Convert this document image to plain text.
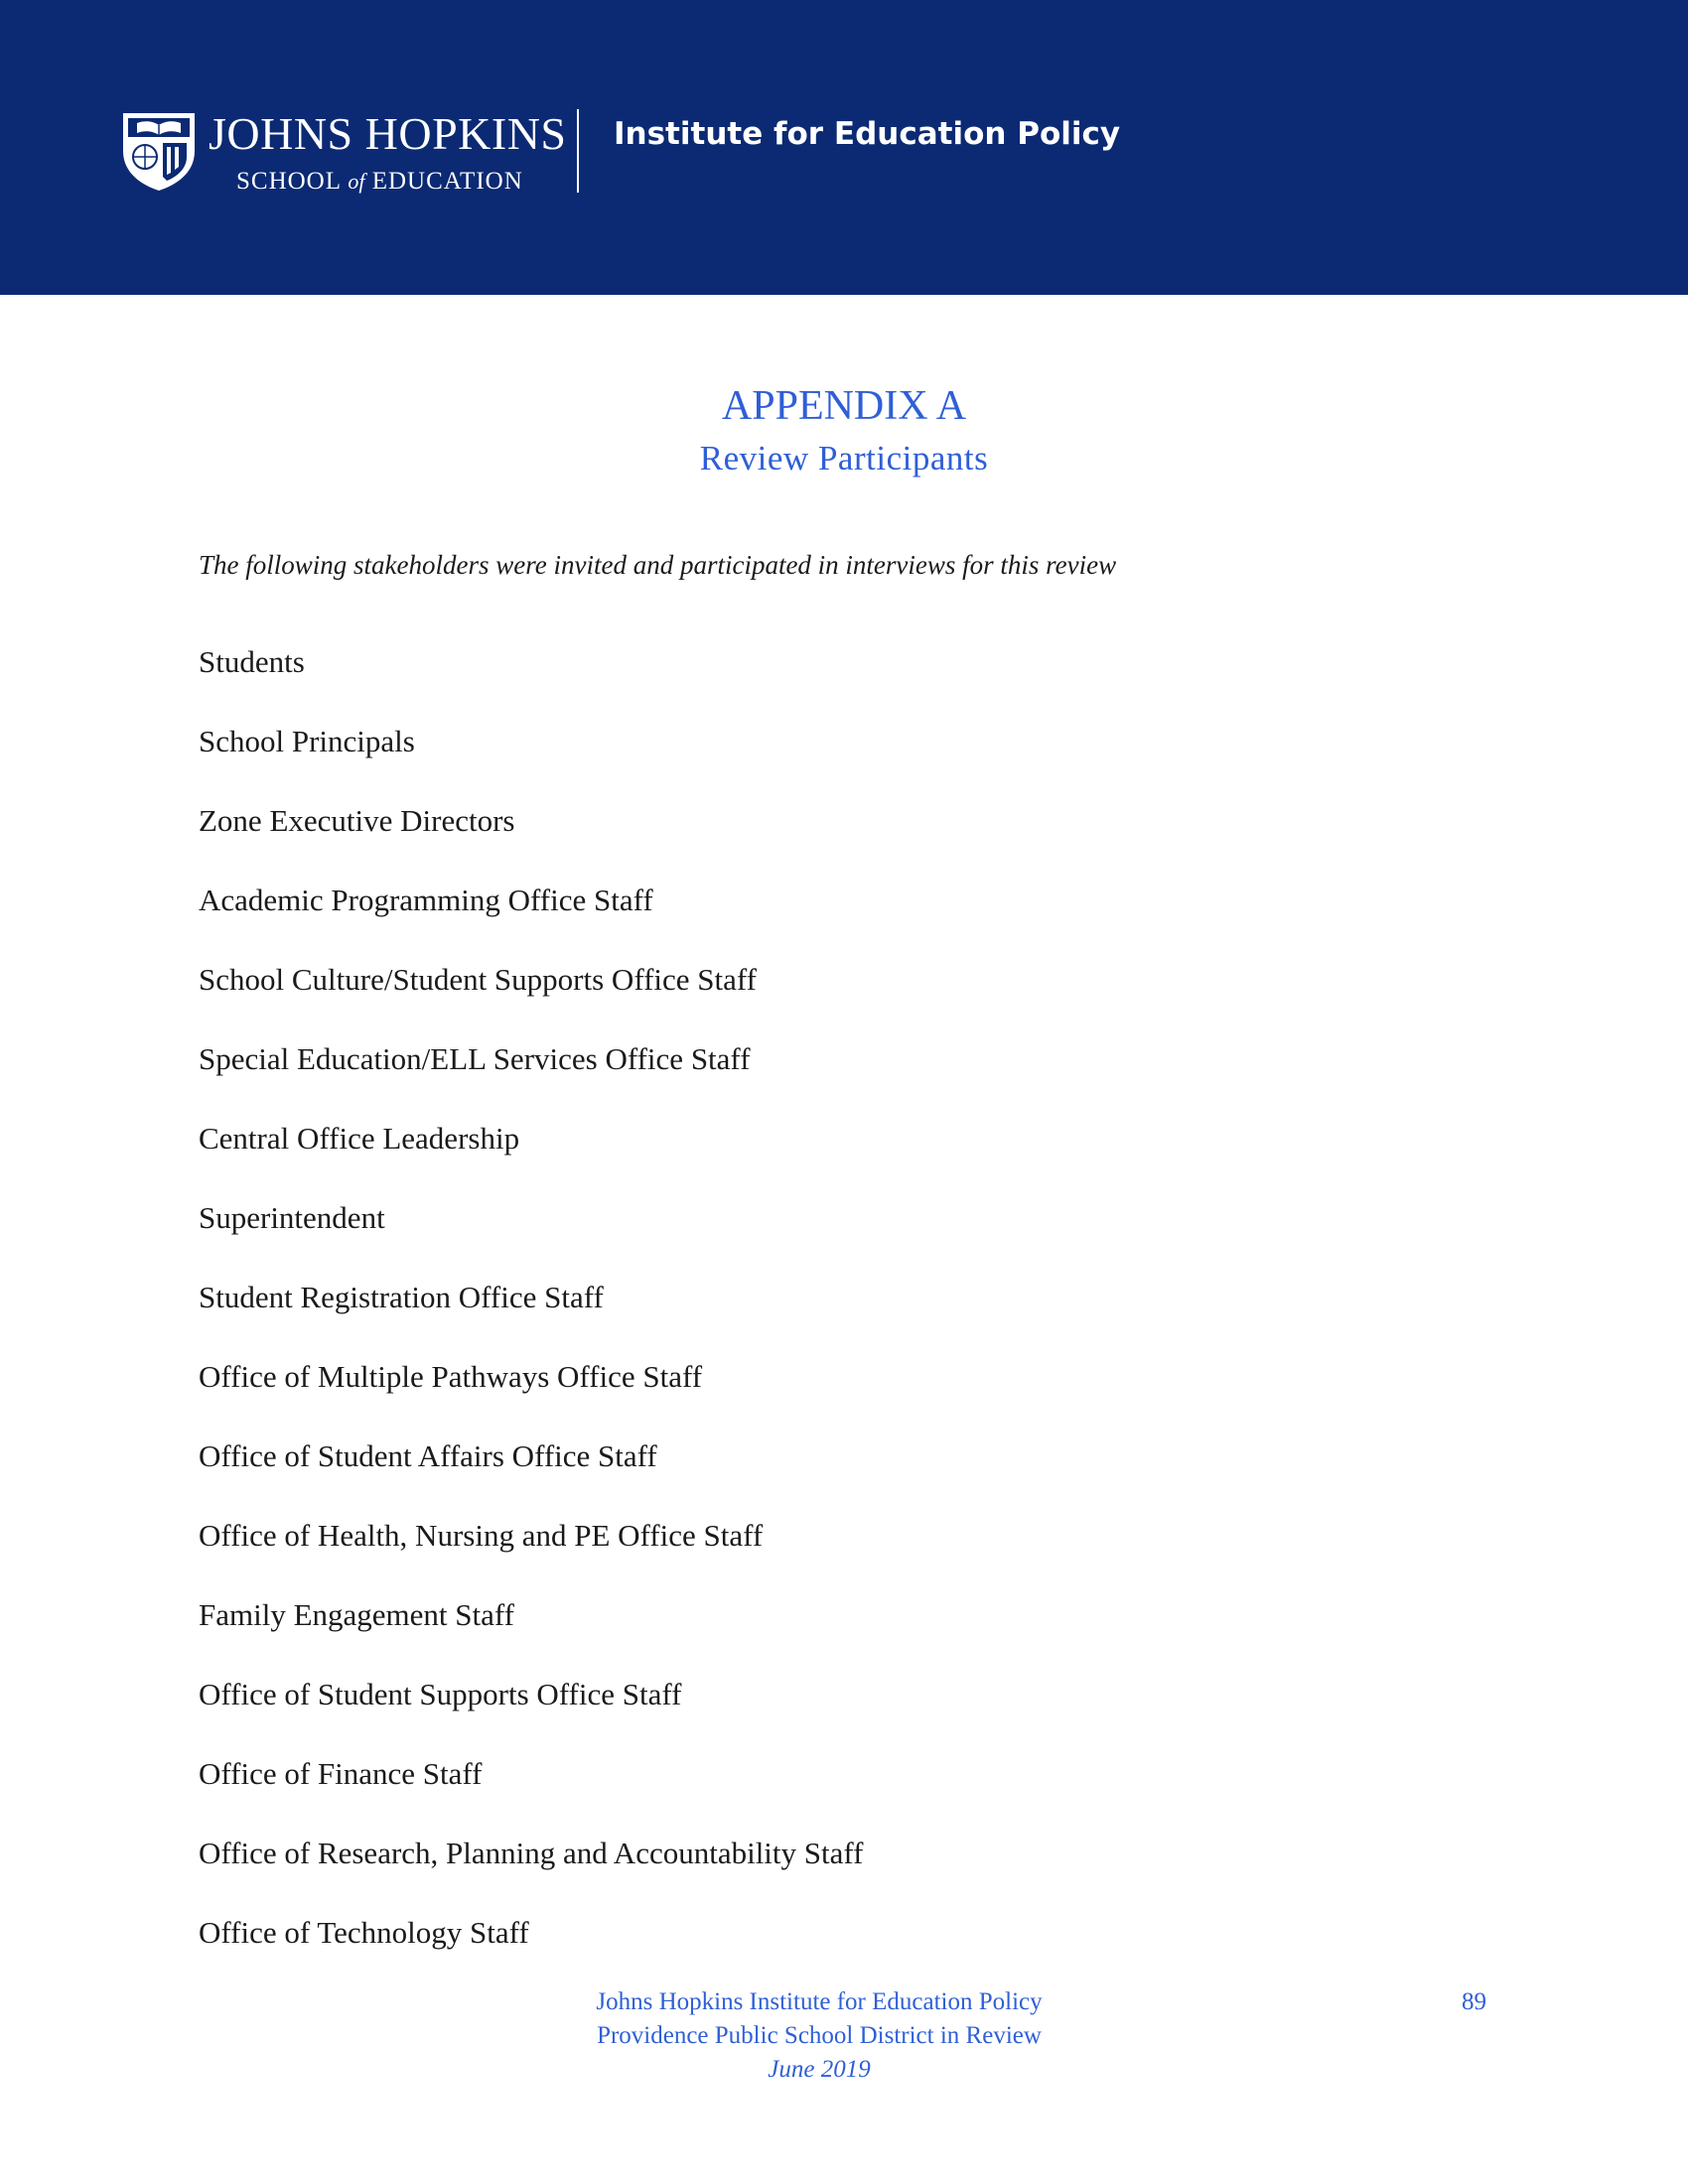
JOHNS HOPKINS
SCHOOL of EDUCATION
Institute for Education Policy
APPENDIX A
Review Participants
The following stakeholders were invited and participated in interviews for this review
Students
School Principals
Zone Executive Directors
Academic Programming Office Staff
School Culture/Student Supports Office Staff
Special Education/ELL Services Office Staff
Central Office Leadership
Superintendent
Student Registration Office Staff
Office of Multiple Pathways Office Staff
Office of Student Affairs Office Staff
Office of Health, Nursing and PE Office Staff
Family Engagement Staff
Office of Student Supports Office Staff
Office of Finance Staff
Office of Research, Planning and Accountability Staff
Office of Technology Staff
Johns Hopkins Institute for Education Policy
Providence Public School District in Review
June 2019
89
